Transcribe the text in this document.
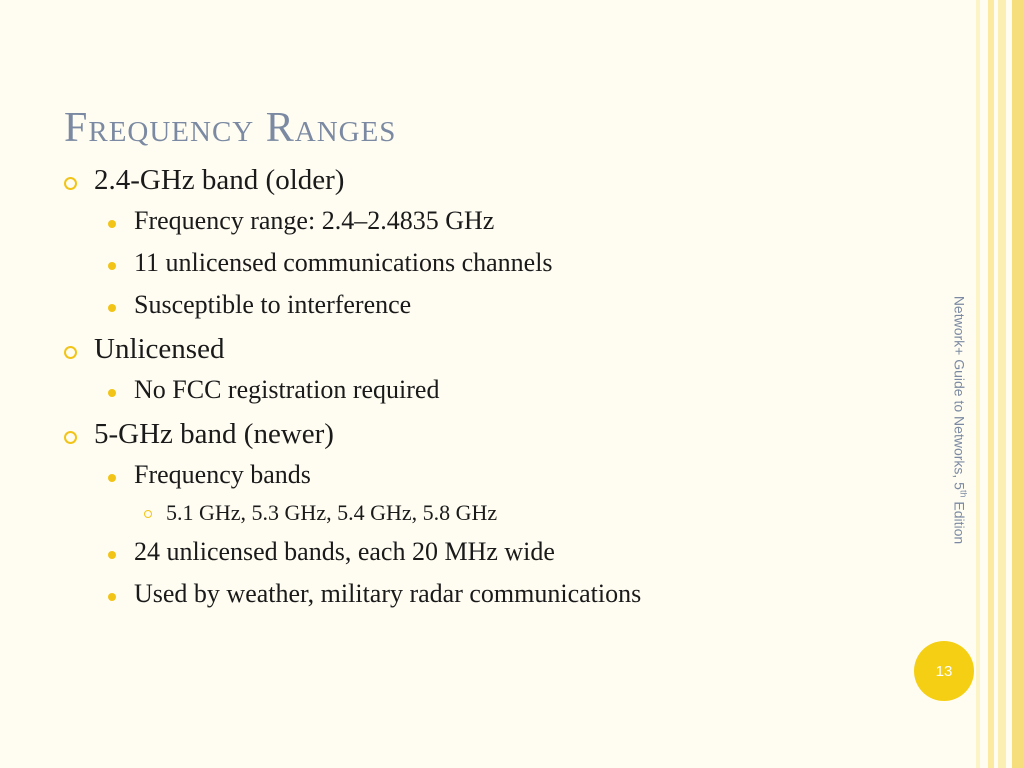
Frequency Ranges
2.4-GHz band (older)
Frequency range: 2.4–2.4835 GHz
11 unlicensed communications channels
Susceptible to interference
Unlicensed
No FCC registration required
5-GHz band (newer)
Frequency bands
5.1 GHz, 5.3 GHz, 5.4 GHz, 5.8 GHz
24 unlicensed bands, each 20 MHz wide
Used by weather, military radar communications
Network+ Guide to Networks, 5th Edition
13
